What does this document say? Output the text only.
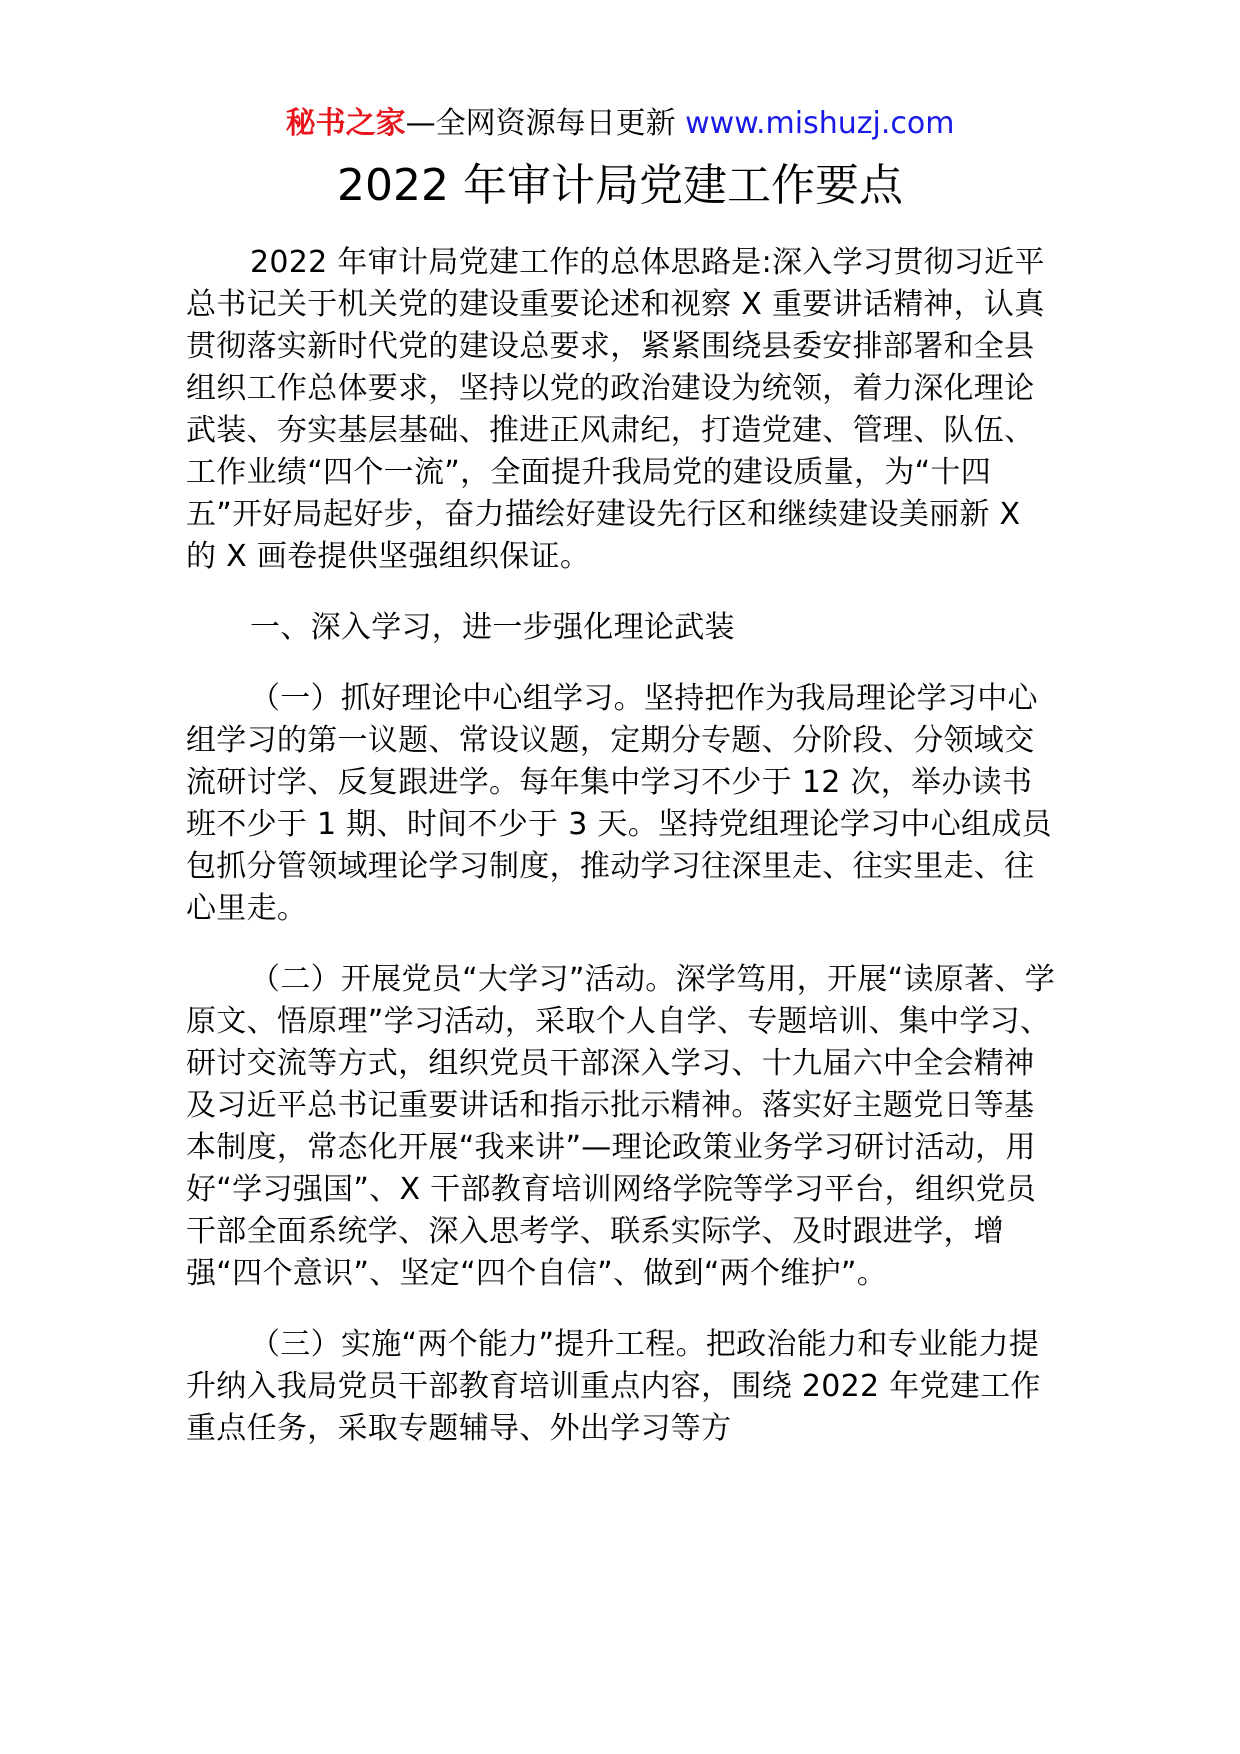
秘书之家—全网资源每日更新 www.mishuzj.com
2022 年审计局党建工作要点

2022 年审计局党建工作的总体思路是:深入学习贯彻习近平总书记关于机关党的建设重要论述和视察 X 重要讲话精神，认真贯彻落实新时代党的建设总要求，紧紧围绕县委安排部署和全县组织工作总体要求，坚持以党的政治建设为统领，着力深化理论武装、夯实基层基础、推进正风肃纪，打造党建、管理、队伍、工作业绩“四个一流”，全面提升我局党的建设质量，为“十四五”开好局起好步，奋力描绘好建设先行区和继续建设美丽新 X 的 X 画卷提供坚强组织保证。

一、深入学习，进一步强化理论武装

（一）抓好理论中心组学习。坚持把作为我局理论学习中心组学习的第一议题、常设议题，定期分专题、分阶段、分领域交流研讨学、反复跟进学。每年集中学习不少于 12 次，举办读书班不少于 1 期、时间不少于 3 天。坚持党组理论学习中心组成员包抓分管领域理论学习制度，推动学习往深里走、往实里走、往心里走。

（二）开展党员“大学习”活动。深学笃用，开展“读原著、学原文、悟原理”学习活动，采取个人自学、专题培训、集中学习、研讨交流等方式，组织党员干部深入学习、十九届六中全会精神及习近平总书记重要讲话和指示批示精神。落实好主题党日等基本制度，常态化开展“我来讲”—理论政策业务学习研讨活动，用好“学习强国”、X 干部教育培训网络学院等学习平台，组织党员干部全面系统学、深入思考学、联系实际学、及时跟进学，增强“四个意识”、坚定“四个自信”、做到“两个维护”。

（三）实施“两个能力”提升工程。把政治能力和专业能力提升纳入我局党员干部教育培训重点内容，围绕 2022 年党建工作重点任务，采取专题辅导、外出学习等方
